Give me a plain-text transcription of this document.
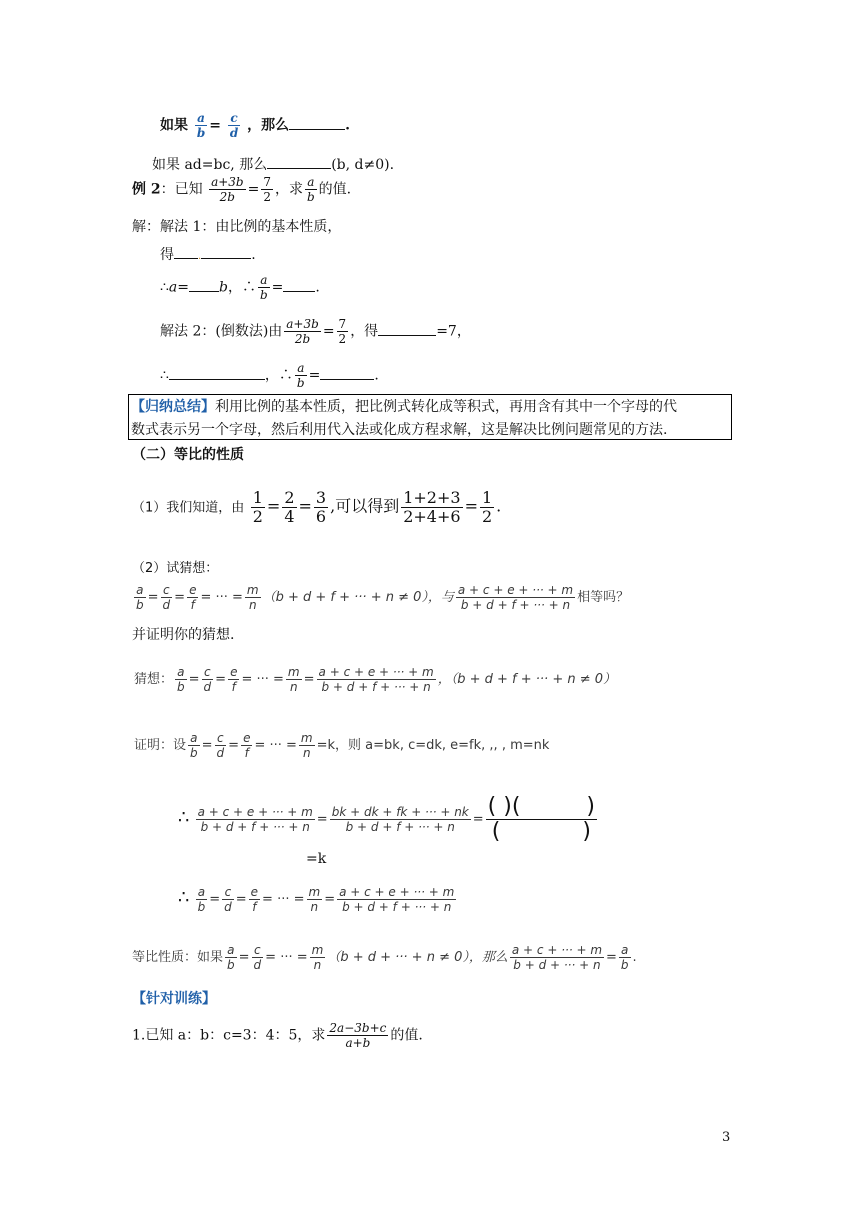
如果 $\frac{a}{b} = \frac{c}{d}$ ，那么	.
如果 ad=bc, 那么	(b, d≠0).
例 2：已知 $\frac{a+3b}{2b} = \frac{7}{2}$ ，求 $\frac{a}{b}$ 的值.
解：解法 1：由比例的基本性质，
得 .	.
∴a= b，∴ $\frac{a}{b}$ = .
解法 2：(倒数法)由 $\frac{a+3b}{2b} = \frac{7}{2}$ ，得	=7，
∴	，∴ $\frac{a}{b}$ =	.
【归纳总结】利用比例的基本性质，把比例式转化成等积式，再用含有其中一个字母的代
数式表示另一个字母，然后利用代入法或化成方程求解，这是解决比例问题常见的方法.
（二）等比的性质
（1）我们知道，由 $\frac{1}{2} = \frac{2}{4} = \frac{3}{6}$ ,可以得到 $\frac{1+2+3}{2+4+6} = \frac{1}{2}$ .
（2）试猜想：
$\frac{a}{b} = \frac{c}{d} = \frac{e}{f}$ = ··· = $\frac{m}{n} (b + d + f$ + ··· + n ≠ 0），与 $\frac{a + c + e + \cdot\cdot\cdot + m}{b + d + f + \cdot\cdot\cdot + n}$ 相等吗？
并证明你的猜想.
猜想： $\frac{a}{b} = \frac{c}{d} = \frac{e}{f}$ = ··· = $\frac{m}{n} = \frac{a + c + e + \cdot\cdot\cdot + m}{b + d + f + \cdot\cdot\cdot + n}$ ，（b + d + f + ··· + n ≠ 0）
证明：设 $\frac{a}{b} = \frac{c}{d} = \frac{e}{f}$ = ··· = $\frac{m}{n} =k$，则 a=bk, c=dk, e=fk, ,, , m=nk
∴ $\frac{a + c + e + \cdot\cdot\cdot + m}{b + d + f + \cdot\cdot\cdot + n} = \frac{bk + dk + fk + \cdot\cdot\cdot + nk}{b + d + f + \cdot\cdot\cdot + n}$ =
( )(	)
(	)
=k
∴ $\frac{a}{b} = \frac{c}{d} = \frac{e}{f}$ = ··· = $\frac{m}{n} = \frac{a + c + e + \cdot\cdot\cdot + m}{b + d + f + \cdot\cdot\cdot + n}$
等比性质：如果 $\frac{a}{b} = \frac{c}{d}$ = ··· = $\frac{m}{n} (b + d$ + ··· + n ≠ 0），那么 $\frac{a + c + \cdot\cdot\cdot + m}{b + d + \cdot\cdot\cdot + n} = \frac{a}{b}$ .
【针对训练】
1.已知 a：b：c=3：4：5，求 $\frac{2a-3b+c}{a+b}$ 的值.
3
